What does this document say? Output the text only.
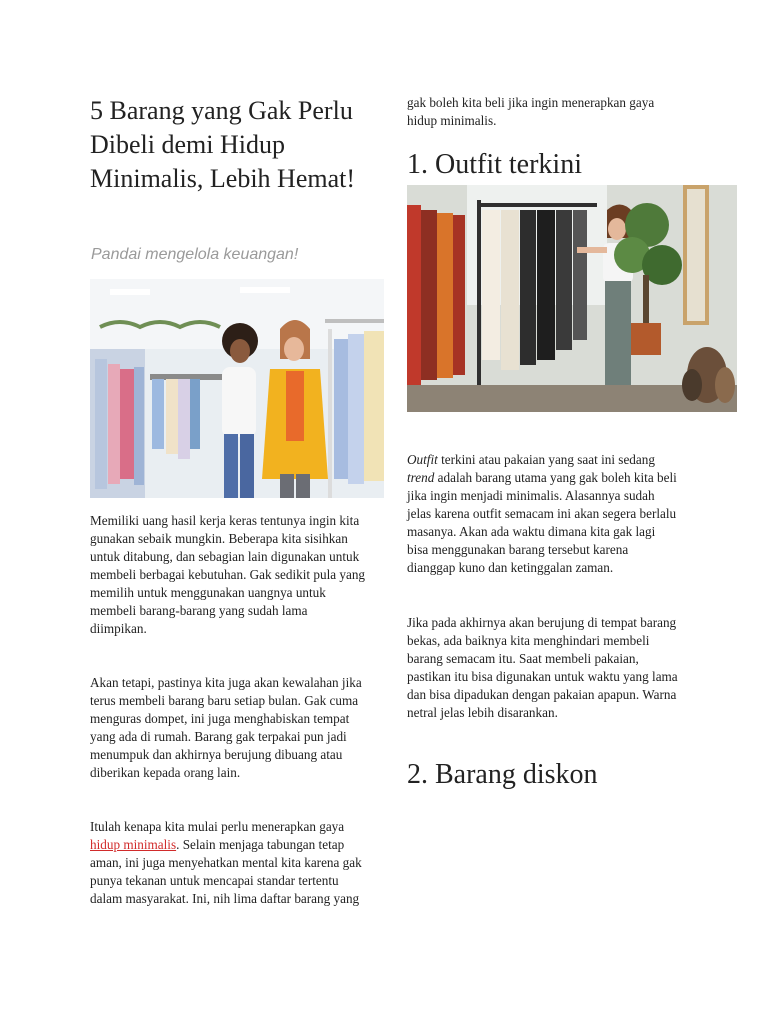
5 Barang yang Gak Perlu Dibeli demi Hidup Minimalis, Lebih Hemat!

Pandai mengelola keuangan!

Memiliki uang hasil kerja keras tentunya ingin kita gunakan sebaik mungkin. Beberapa kita sisihkan untuk ditabung, dan sebagian lain digunakan untuk membeli berbagai kebutuhan. Gak sedikit pula yang memilih untuk menggunakan uangnya untuk membeli barang-barang yang sudah lama diimpikan.

Akan tetapi, pastinya kita juga akan kewalahan jika terus membeli barang baru setiap bulan. Gak cuma menguras dompet, ini juga menghabiskan tempat yang ada di rumah. Barang gak terpakai pun jadi menumpuk dan akhirnya berujung dibuang atau diberikan kepada orang lain.

Itulah kenapa kita mulai perlu menerapkan gaya hidup minimalis. Selain menjaga tabungan tetap aman, ini juga menyehatkan mental kita karena gak punya tekanan untuk mencapai standar tertentu dalam masyarakat. Ini, nih lima daftar barang yang

gak boleh kita beli jika ingin menerapkan gaya hidup minimalis.

1. Outfit terkini

Outfit terkini atau pakaian yang saat ini sedang trend adalah barang utama yang gak boleh kita beli jika ingin menjadi minimalis. Alasannya sudah jelas karena outfit semacam ini akan segera berlalu masanya. Akan ada waktu dimana kita gak lagi bisa menggunakan barang tersebut karena dianggap kuno dan ketinggalan zaman.

Jika pada akhirnya akan berujung di tempat barang bekas, ada baiknya kita menghindari membeli barang semacam itu. Saat membeli pakaian, pastikan itu bisa digunakan untuk waktu yang lama dan bisa dipadukan dengan pakaian apapun. Warna netral jelas lebih disarankan.

2. Barang diskon
